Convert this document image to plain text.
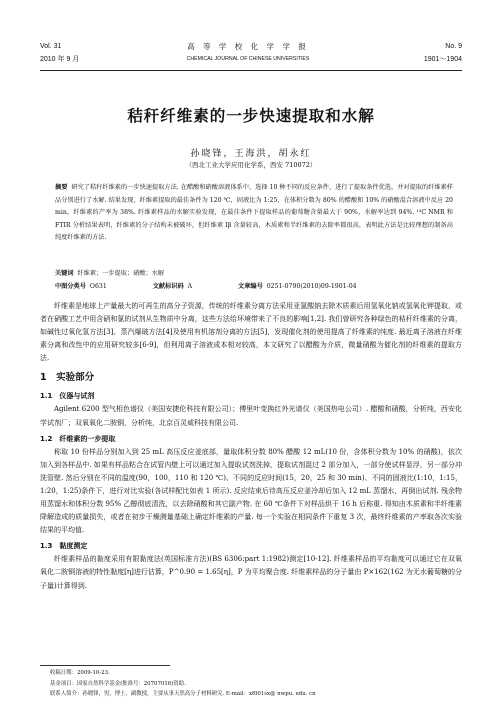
Vol. 31
2010 年 9 月
高 等 学 校 化 学 学 报
CHEMICAL JOURNAL OF CHINESE UNIVERSITIES
No. 9
1901～1904
秸秆纤维素的一步快速提取和水解
孙晓锋，王海洪，胡永红
（西北工业大学应用化学系，西安 710072）
摘要 研究了秸秆纤维素的一步快速提取方法. 在醋酸和硝酸溶液体系中，选择 10 种不同的反应条件，进行了提取条件优选，并对提取的纤维素样品分别进行了水解. 结果发现，纤维素提取的最佳条件为 120 ℃，固液比为 1:25，在体积分数为 80% 的醋酸和 10% 的硝酸混合溶液中反应 20 min，纤维素的产率为 38%. 纤维素样品的水解实验发现，在最佳条件下提取样品的葡萄糖含量最大于 90%，水解率达到 94%. ¹³C NMR 和 FTIR 分析结果表明，纤维素的分子结构未被破坏，但纤维素 Iβ 含量较高，木质素和半纤维素的去除率都很高，表明此方法是比较理想的制备高纯度纤维素的方法.
关键词 纤维素；一步提取；硝酸；水解
中图分类号 O631	文献标识码 A	文章编号 0251-0790(2010)09-1901-04

纤维素是地球上产量最大的可再生的高分子资源，传统的纤维素分离方法采用亚氯酸钠去除木质素后用氢氧化钠或氢氧化钾提取，或者在硝酸工艺中用含硝和氯的试剂从生物质中分离，这些方法给环境带来了不良的影响[1,2]. 我们曾研究各种绿色的秸秆纤维素的分离，如碱性过氧化氢方法[3]、蒸汽爆破方法[4]及使用有机溶剂分离的方法[5]，发现催化剂的使用提高了纤维素的纯度. 最近离子溶液在纤维素分离和改性中的应用研究较多[6-9]，但利用离子溶液成本相对较高，本文研究了以醋酸为介质，微量硝酸为催化剂的纤维素的提取方法.

1　实验部分
1.1　仪器与试剂

Agilent 6200 型气相色谱仪（美国安捷伦科技有限公司）；傅里叶变换红外光谱仪（美国热电公司）. 醋酸和硝酸，分析纯，西安化学试剂厂；双氧氧化二胺铜，分析纯，北京百灵威科技有限公司.

1.2　纤维素的一步提取

称取 10 份样品分别加入到 25 mL 高压反应釜底部，量取体积分数 80% 醋酸 12 mL(10 份，含体积分数为 10% 的硝酸)，依次加入到各样品中. 如果有样品粘合在试管内壁上可以通过加入提取试剂洗掉，提取试剂混过 2 部分加入，一部分使试样显浮，另一部分冲洗管壁. 然后分别在不同的温度(90，100，110 和 120 ℃)、不同的反应时间(15，20，25 和 30 min)、不同的固液比(1:10，1:15，1:20，1:25)条件下，进行对比实验(各试样配比如表 1 所示). 反应结束后待高压反应釜冷却后加入 12 mL 蒸馏水，再倒出试剂. 残余物用蒸馏水和体积分数 95% 乙醇彻底清洗，以去除硝酸和其它副产物. 在 60 ℃条件下对样品烘干 16 h 后称重. 得知由木质素和半纤维素降解造成的质量损失，或者在初步干燥测量基础上确定纤维素的产量. 每一个实验在相同条件下重复 3 次，最终纤维素的产率取各次实验结果的平均值.

1.3　黏度测定

纤维素样品的黏度采用有限黏度法(英国标准方法)(BS 6306:part 1:1982)测定[10-12]. 纤维素样品的平均黏度可以通过它在双氧氧化二胺铜溶液的特性黏度[η]进行估算，P^0.90 = 1.65[η]，P 为平均聚合度. 纤维素样品的分子量由 P×162(162 为无水葡萄糖的分子量)计算得到.

收稿日期：2009-10-23.
基金项目：国家自然科学基金(批准号：20707016)资助.
联系人简介：孙晓锋，男，博士，副教授，主要从事天然高分子材料研究. E-mail：xf001sx@ nwpu. edu. cn
